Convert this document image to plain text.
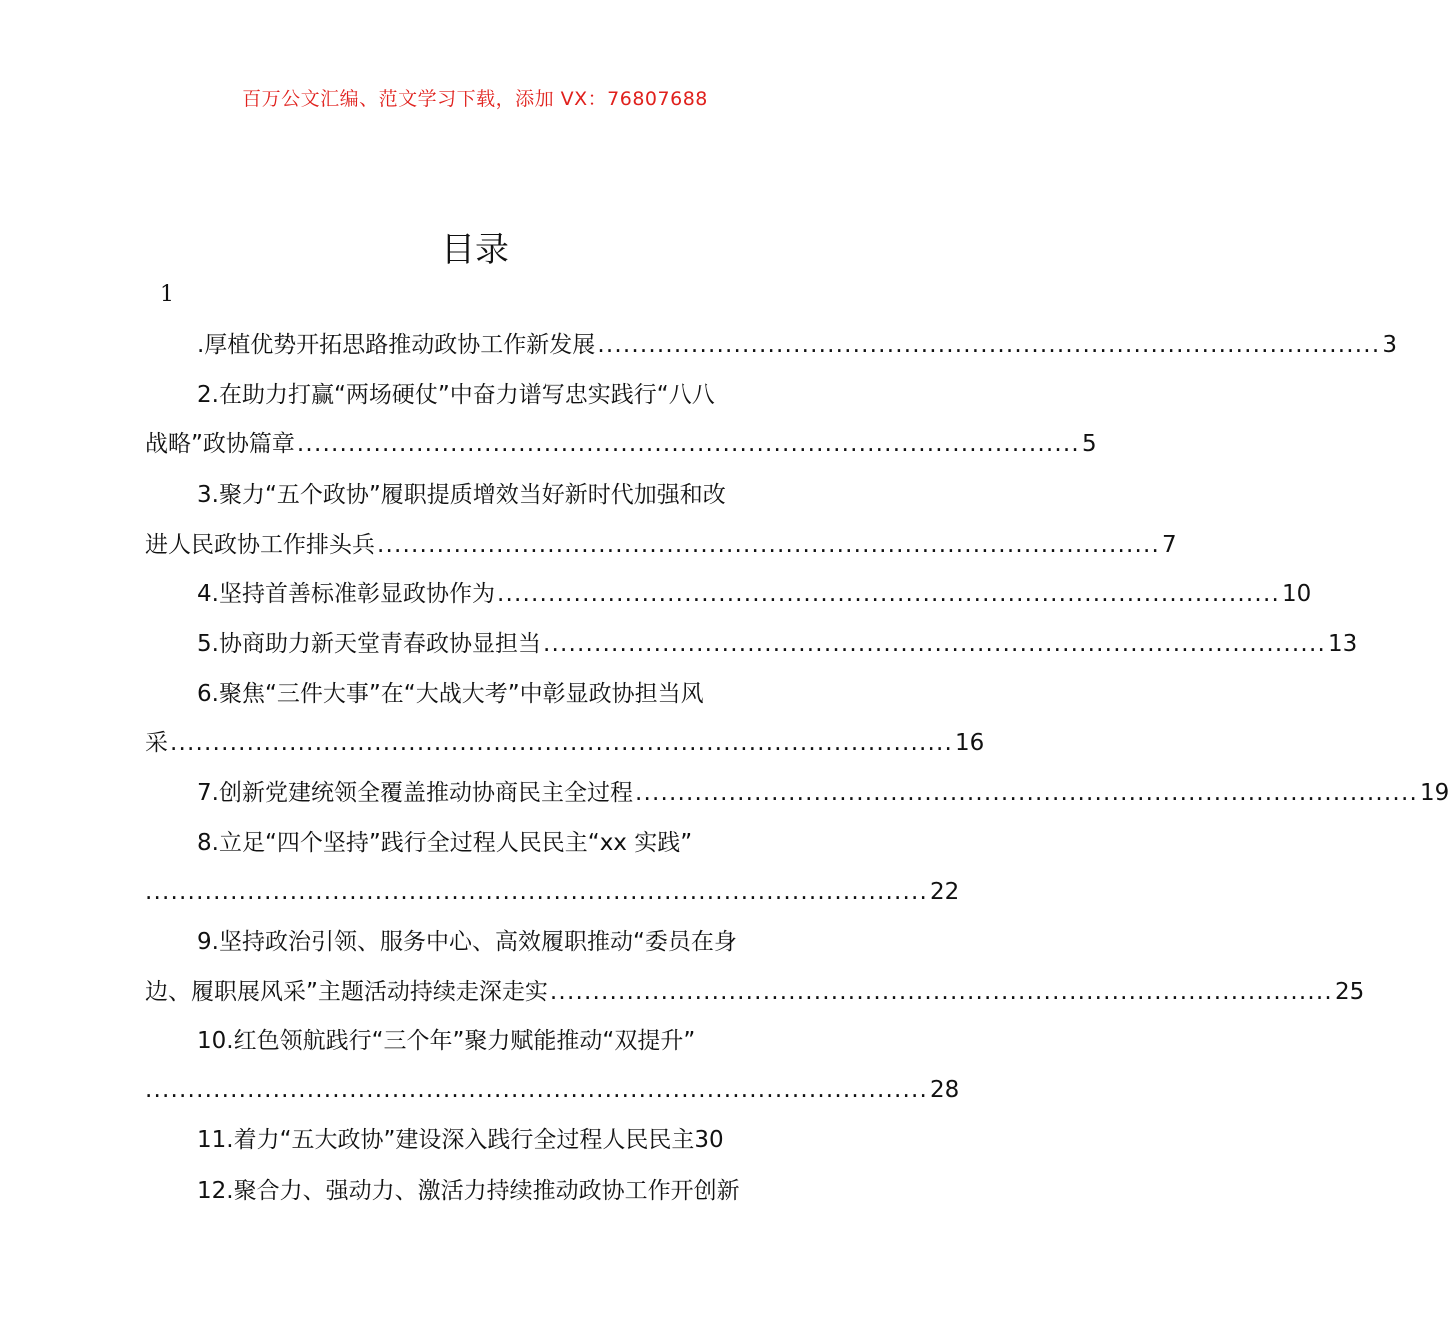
百万公文汇编、范文学习下载，添加 VX：76807688
目录
1
.厚植优势开拓思路推动政协工作新发展 ............................................................................................ 3
2.在助力打赢“两场硬仗”中奋力谱写忠实践行“八八
战略”政协篇章 ............................................................................................ 5
3.聚力“五个政协”履职提质增效当好新时代加强和改
进人民政协工作排头兵 ............................................................................................ 7
4.坚持首善标准彰显政协作为 ............................................................................................ 10
5.协商助力新天堂青春政协显担当 ............................................................................................ 13
6.聚焦“三件大事”在“大战大考”中彰显政协担当风
采 ............................................................................................ 16
7.创新党建统领全覆盖推动协商民主全过程 ............................................................................................ 19
8.立足“四个坚持”践行全过程人民民主“xx 实践”
............................................................................................ 22
9.坚持政治引领、服务中心、高效履职推动“委员在身
边、履职展风采”主题活动持续走深走实 ............................................................................................ 25
10.红色领航践行“三个年”聚力赋能推动“双提升”
............................................................................................ 28
11.着力“五大政协”建设深入践行全过程人民民主30
12.聚合力、强动力、激活力持续推动政协工作开创新
